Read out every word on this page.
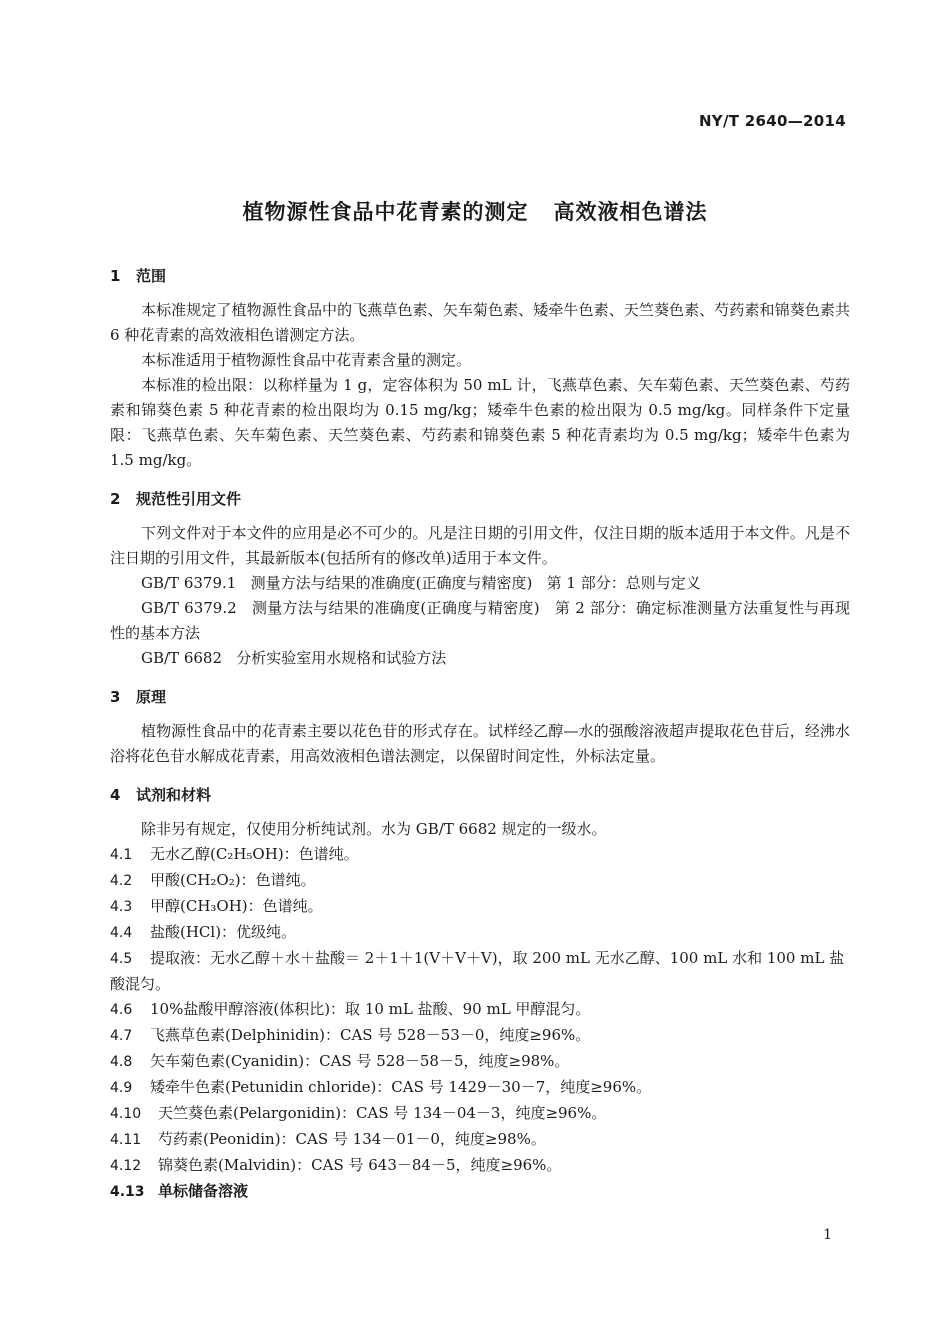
NY/T 2640—2014
植物源性食品中花青素的测定   高效液相色谱法
1 范围

本标准规定了植物源性食品中的飞燕草色素、矢车菊色素、矮牵牛色素、天竺葵色素、芍药素和锦葵色素共 6 种花青素的高效液相色谱测定方法。

本标准适用于植物源性食品中花青素含量的测定。

本标准的检出限：以称样量为 1 g，定容体积为 50 mL 计，飞燕草色素、矢车菊色素、天竺葵色素、芍药素和锦葵色素 5 种花青素的检出限均为 0.15 mg/kg；矮牵牛色素的检出限为 0.5 mg/kg。同样条件下定量限：飞燕草色素、矢车菊色素、天竺葵色素、芍药素和锦葵色素 5 种花青素均为 0.5 mg/kg；矮牵牛色素为 1.5 mg/kg。

2 规范性引用文件

下列文件对于本文件的应用是必不可少的。凡是注日期的引用文件，仅注日期的版本适用于本文件。凡是不注日期的引用文件，其最新版本(包括所有的修改单)适用于本文件。

GB/T 6379.1   测量方法与结果的准确度(正确度与精密度)   第 1 部分：总则与定义

GB/T 6379.2   测量方法与结果的准确度(正确度与精密度)   第 2 部分：确定标准测量方法重复性与再现性的基本方法

GB/T 6682   分析实验室用水规格和试验方法

3 原理

植物源性食品中的花青素主要以花色苷的形式存在。试样经乙醇—水的强酸溶液超声提取花色苷后，经沸水浴将花色苷水解成花青素，用高效液相色谱法测定，以保留时间定性，外标法定量。

4 试剂和材料

除非另有规定，仅使用分析纯试剂。水为 GB/T 6682 规定的一级水。

4.1 无水乙醇(C₂H₅OH)：色谱纯。

4.2 甲酸(CH₂O₂)：色谱纯。

4.3 甲醇(CH₃OH)：色谱纯。

4.4 盐酸(HCl)：优级纯。

4.5 提取液：无水乙醇＋水＋盐酸＝ 2＋1＋1(V＋V＋V)，取 200 mL 无水乙醇、100 mL 水和 100 mL 盐酸混匀。

4.6 10%盐酸甲醇溶液(体积比)：取 10 mL 盐酸、90 mL 甲醇混匀。

4.7 飞燕草色素(Delphinidin)：CAS 号 528－53－0，纯度≥96%。

4.8 矢车菊色素(Cyanidin)：CAS 号 528－58－5，纯度≥98%。

4.9 矮牵牛色素(Petunidin chloride)：CAS 号 1429－30－7，纯度≥96%。

4.10 天竺葵色素(Pelargonidin)：CAS 号 134－04－3，纯度≥96%。

4.11 芍药素(Peonidin)：CAS 号 134－01－0，纯度≥98%。

4.12 锦葵色素(Malvidin)：CAS 号 643－84－5，纯度≥96%。

4.13 单标储备溶液

1
